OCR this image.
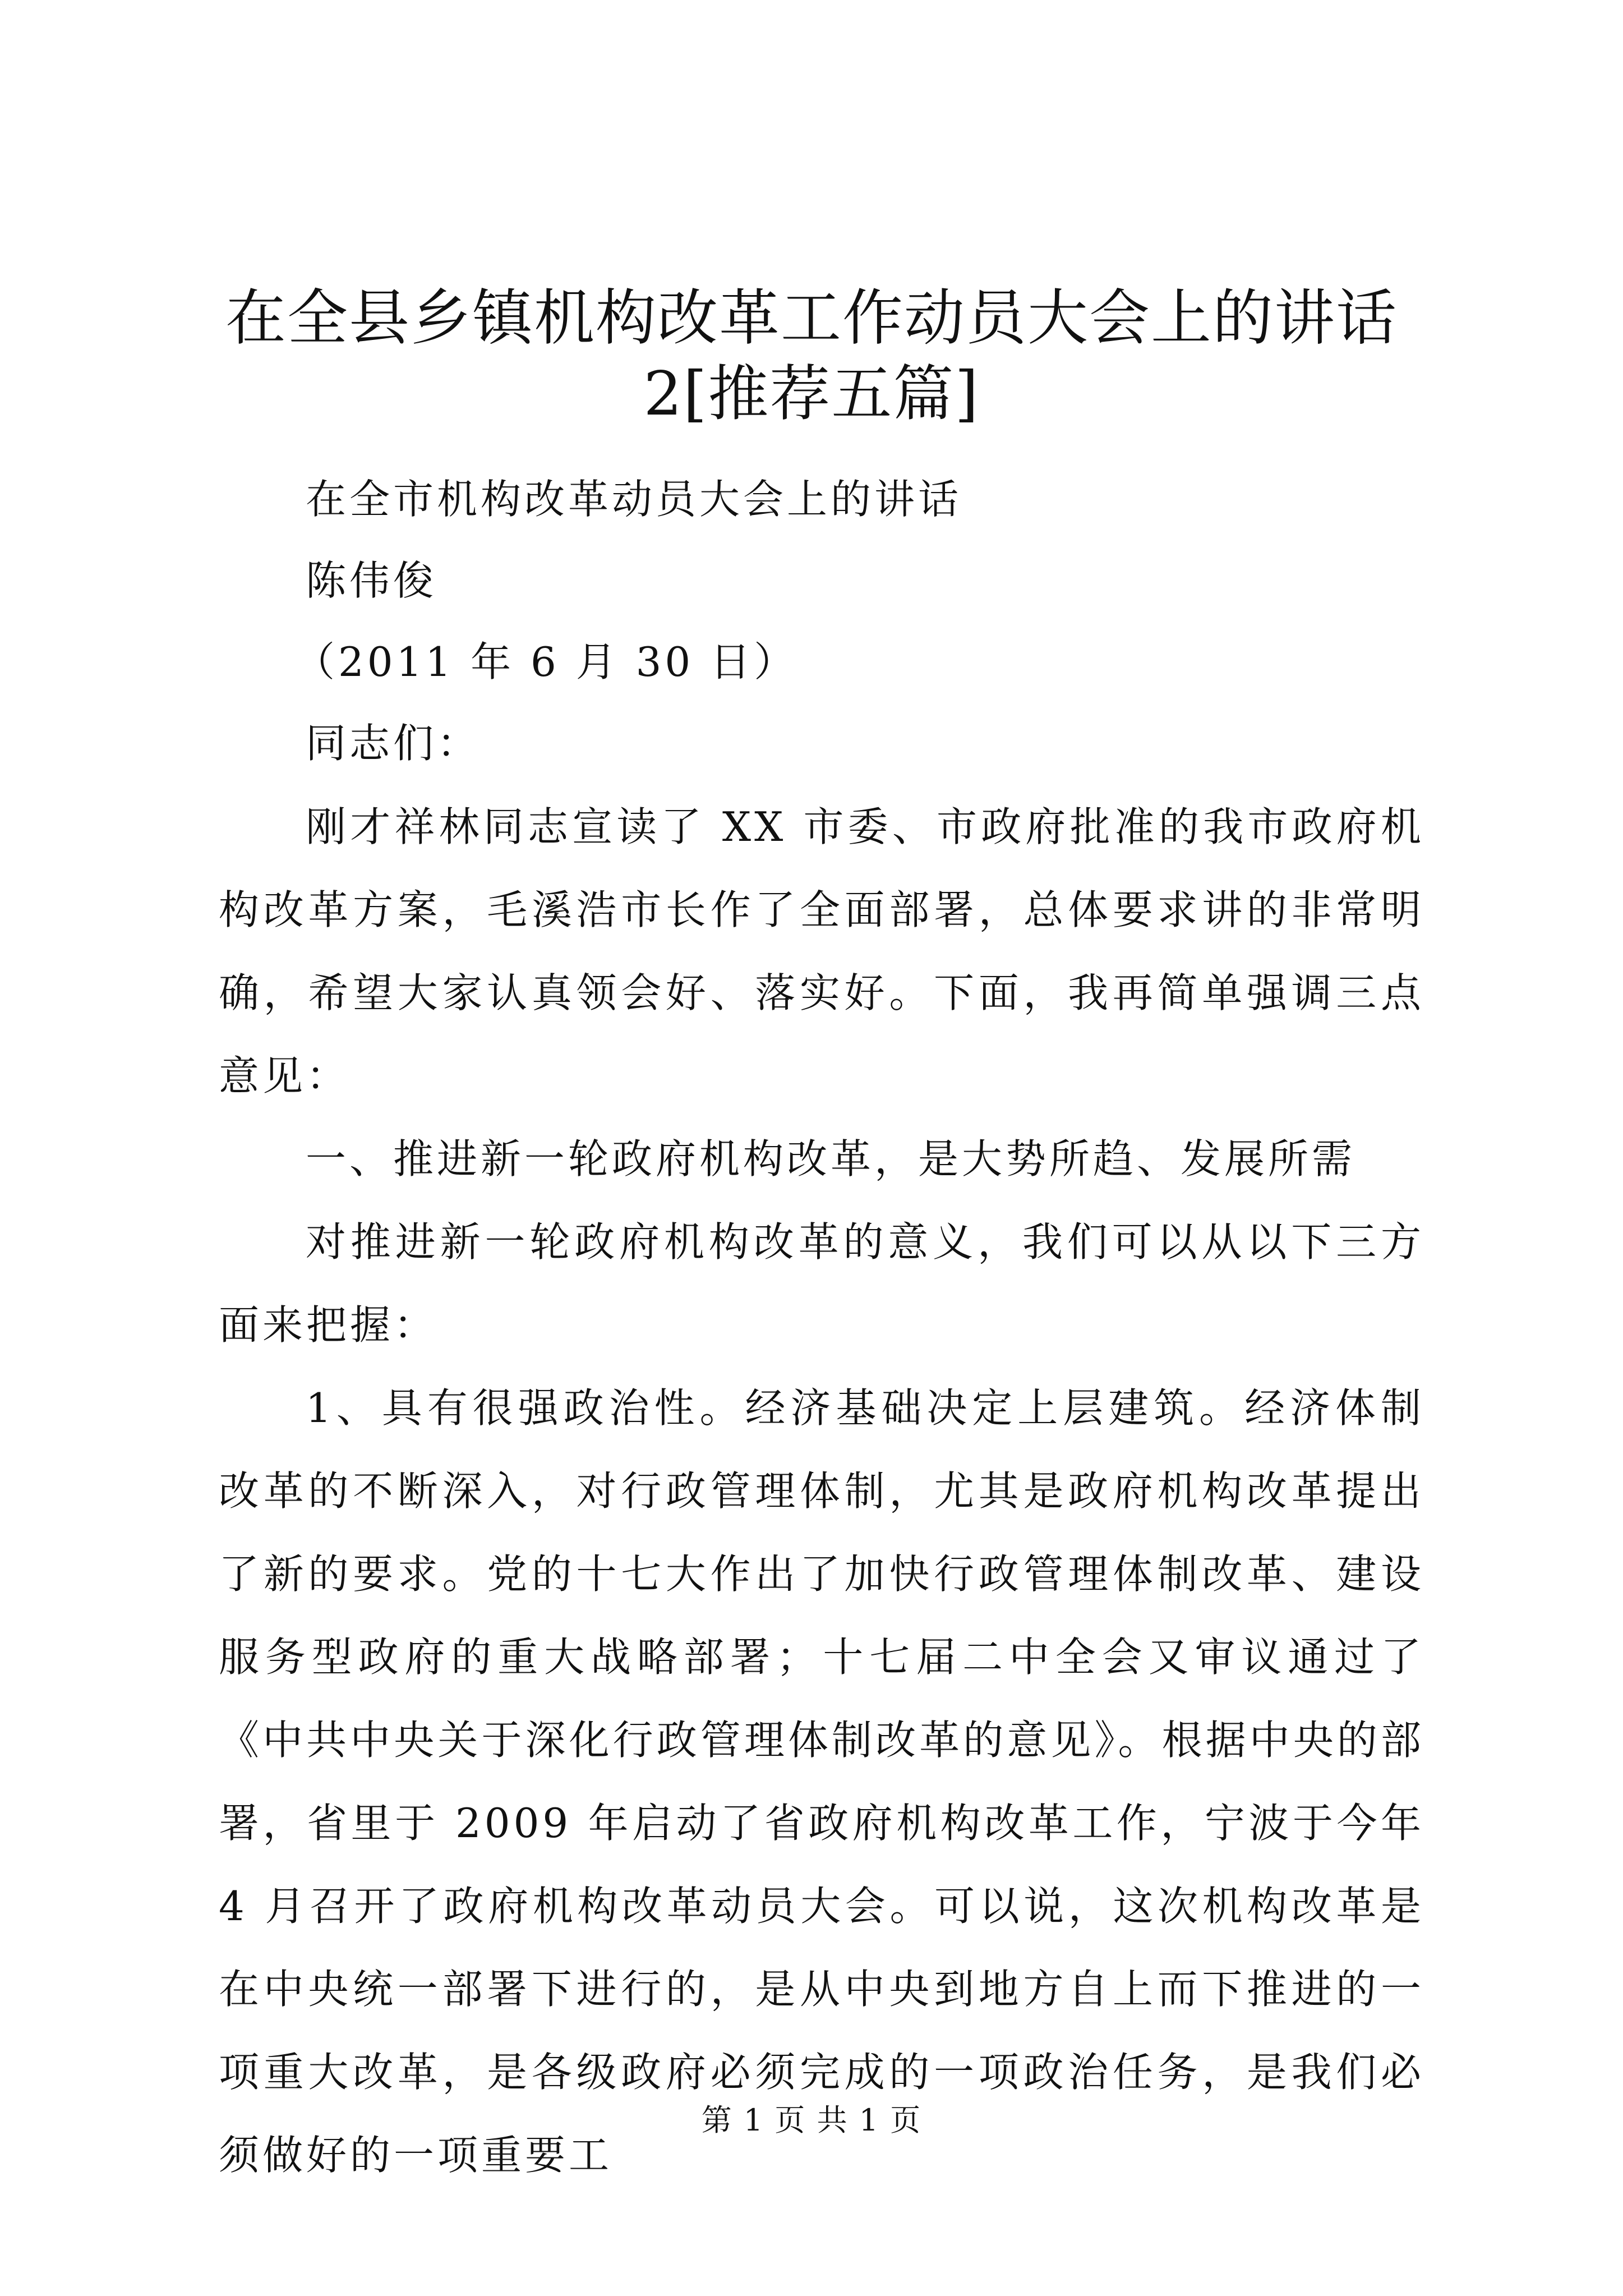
在全县乡镇机构改革工作动员大会上的讲话
2[推荐五篇]
在全市机构改革动员大会上的讲话
陈伟俊
（2011 年 6 月 30 日）
同志们：

刚才祥林同志宣读了 XX 市委、市政府批准的我市政府机构改革方案，毛溪浩市长作了全面部署，总体要求讲的非常明确，希望大家认真领会好、落实好。下面，我再简单强调三点意见：

一、推进新一轮政府机构改革，是大势所趋、发展所需

对推进新一轮政府机构改革的意义，我们可以从以下三方面来把握：

1、具有很强政治性。经济基础决定上层建筑。经济体制改革的不断深入，对行政管理体制，尤其是政府机构改革提出了新的要求。党的十七大作出了加快行政管理体制改革、建设服务型政府的重大战略部署；十七届二中全会又审议通过了《中共中央关于深化行政管理体制改革的意见》。根据中央的部署，省里于 2009 年启动了省政府机构改革工作，宁波于今年 4 月召开了政府机构改革动员大会。可以说，这次机构改革是在中央统一部署下进行的，是从中央到地方自上而下推进的一项重大改革，是各级政府必须完成的一项政治任务，是我们必须做好的一项重要工

第 1 页 共 1 页
